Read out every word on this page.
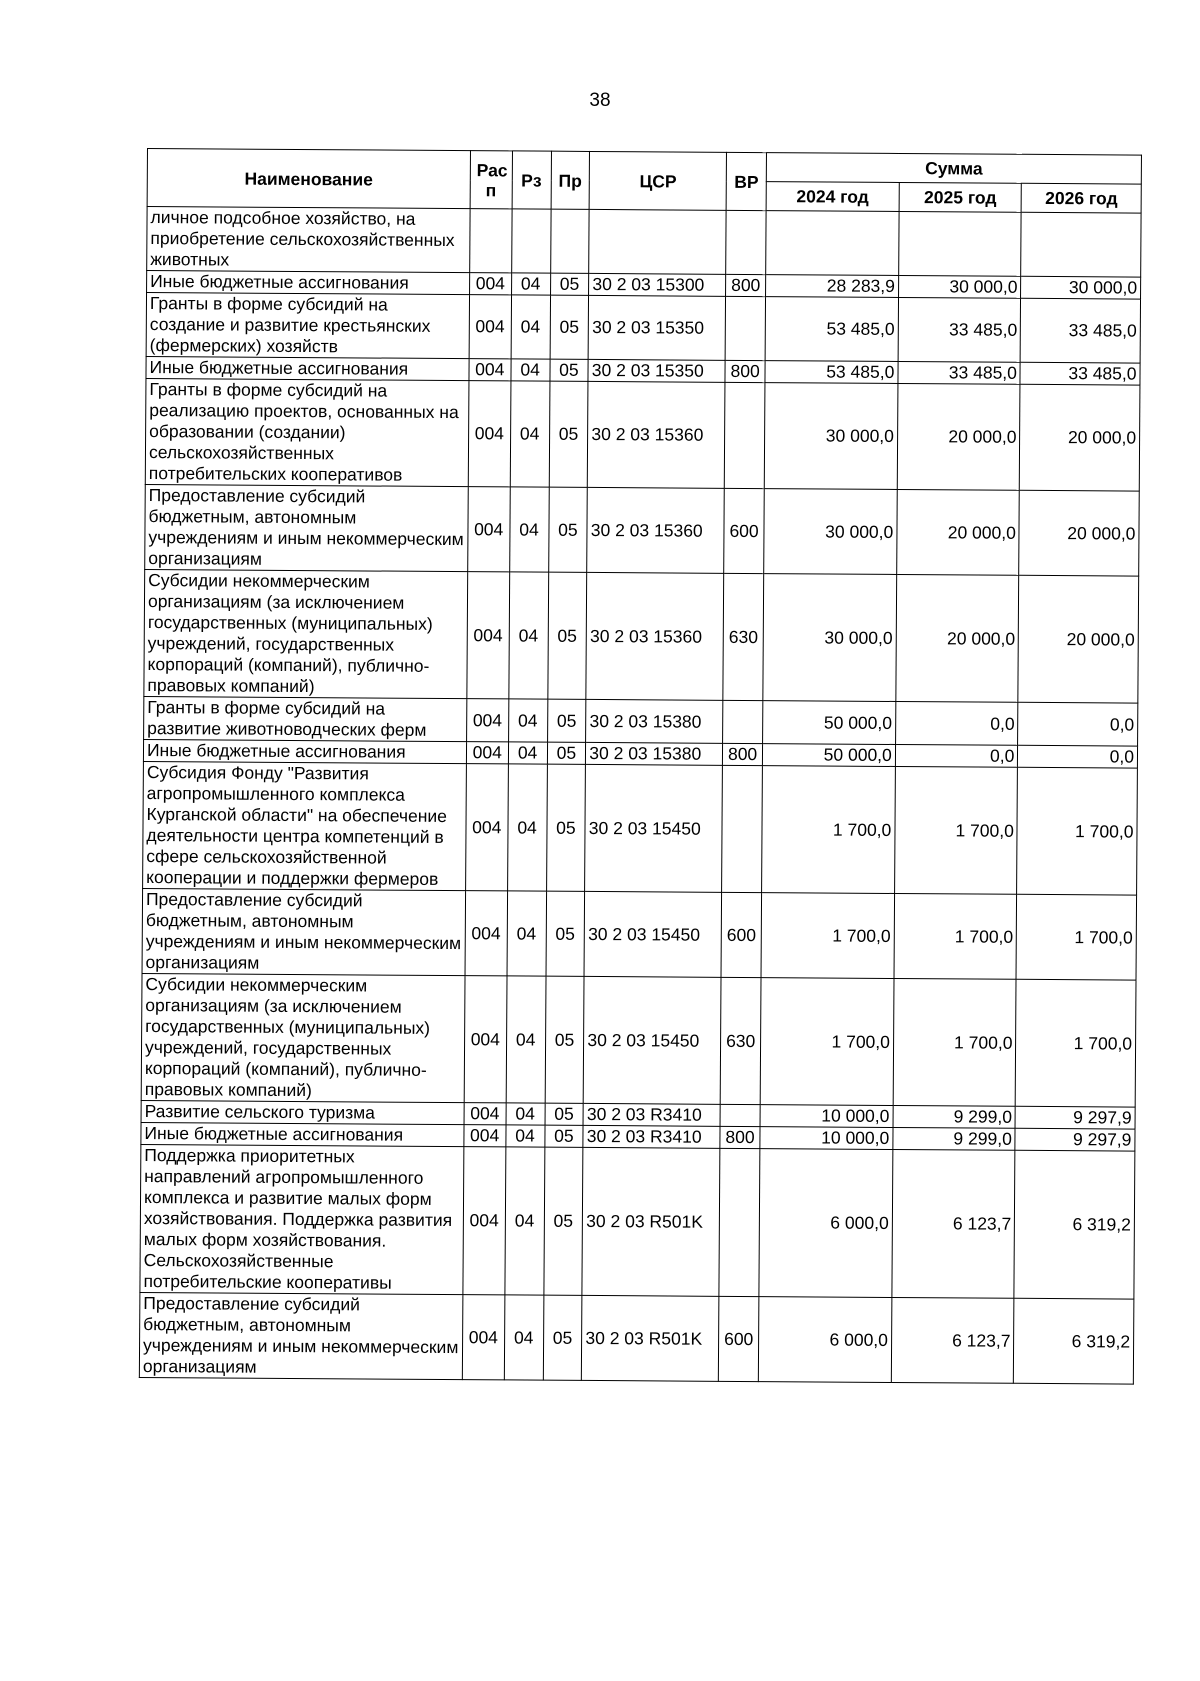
38
Наименование	Рас п	Рз	Пр	ЦСР	ВР	Сумма		
						2024 год	2025 год	2026 год
личное подсобное хозяйство, на приобретение сельскохозяйственных животных								
Иные бюджетные ассигнования	004	04	05	30 2 03 15300	800	28 283,9	30 000,0	30 000,0
Гранты в форме субсидий на создание и развитие крестьянских (фермерских) хозяйств	004	04	05	30 2 03 15350		53 485,0	33 485,0	33 485,0
Иные бюджетные ассигнования	004	04	05	30 2 03 15350	800	53 485,0	33 485,0	33 485,0
Гранты в форме субсидий на реализацию проектов, основанных на образовании (создании) сельскохозяйственных потребительских кооперативов	004	04	05	30 2 03 15360		30 000,0	20 000,0	20 000,0
Предоставление субсидий бюджетным, автономным учреждениям и иным некоммерческим организациям	004	04	05	30 2 03 15360	600	30 000,0	20 000,0	20 000,0
Субсидии некоммерческим организациям (за исключением государственных (муниципальных) учреждений, государственных корпораций (компаний), публично-правовых компаний)	004	04	05	30 2 03 15360	630	30 000,0	20 000,0	20 000,0
Гранты в форме субсидий на развитие животноводческих ферм	004	04	05	30 2 03 15380		50 000,0	0,0	0,0
Иные бюджетные ассигнования	004	04	05	30 2 03 15380	800	50 000,0	0,0	0,0
Субсидия Фонду "Развития агропромышленного комплекса Курганской области" на обеспечение деятельности центра компетенций в сфере сельскохозяйственной кооперации и поддержки фермеров	004	04	05	30 2 03 15450		1 700,0	1 700,0	1 700,0
Предоставление субсидий бюджетным, автономным учреждениям и иным некоммерческим организациям	004	04	05	30 2 03 15450	600	1 700,0	1 700,0	1 700,0
Субсидии некоммерческим организациям (за исключением государственных (муниципальных) учреждений, государственных корпораций (компаний), публично-правовых компаний)	004	04	05	30 2 03 15450	630	1 700,0	1 700,0	1 700,0
Развитие сельского туризма	004	04	05	30 2 03 R3410		10 000,0	9 299,0	9 297,9
Иные бюджетные ассигнования	004	04	05	30 2 03 R3410	800	10 000,0	9 299,0	9 297,9
Поддержка приоритетных направлений агропромышленного комплекса и развитие малых форм хозяйствования. Поддержка развития малых форм хозяйствования. Сельскохозяйственные потребительские кооперативы	004	04	05	30 2 03 R501K		6 000,0	6 123,7	6 319,2
Предоставление субсидий бюджетным, автономным учреждениям и иным некоммерческим организациям	004	04	05	30 2 03 R501K	600	6 000,0	6 123,7	6 319,2
